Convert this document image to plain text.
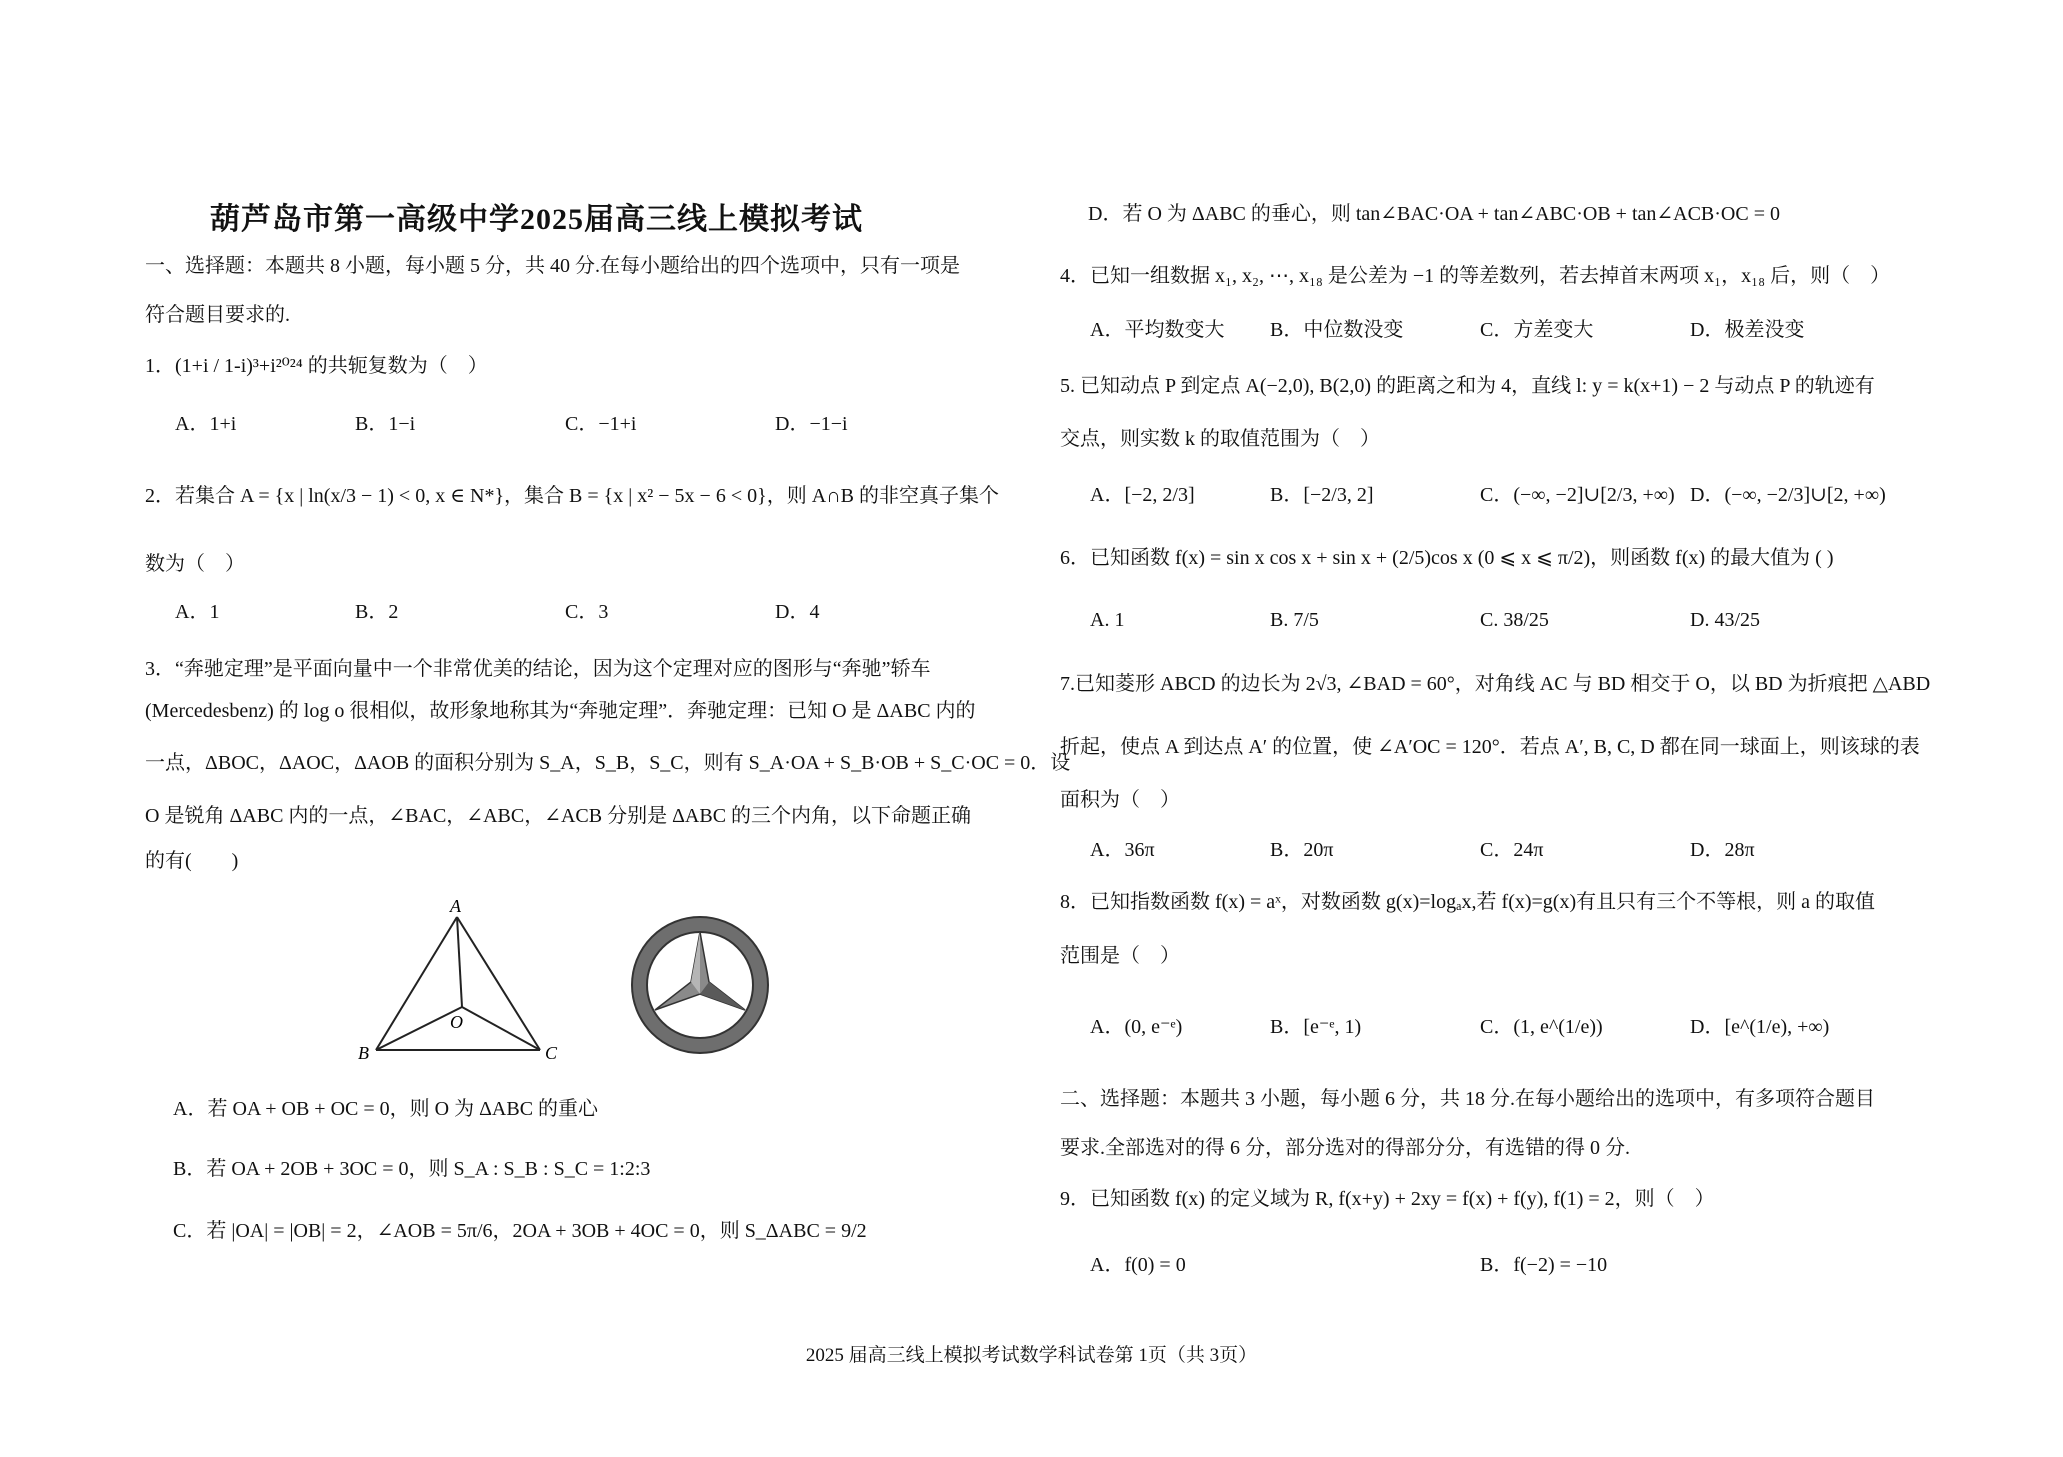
葫芦岛市第一高级中学2025届高三线上模拟考试
一、选择题：本题共 8 小题，每小题 5 分，共 40 分.在每小题给出的四个选项中，只有一项是
符合题目要求的.
1．(1+i / 1-i)³+i²⁰²⁴ 的共轭复数为（　）
2．若集合 A = {x | ln(x/3 − 1) < 0, x ∈ N*}，集合 B = {x | x² − 5x − 6 < 0}，则 A∩B 的非空真子集个
数为（　）
3．“奔驰定理”是平面向量中一个非常优美的结论，因为这个定理对应的图形与“奔驰”轿车
(Mercedesbenz) 的 log o 很相似，故形象地称其为“奔驰定理”．奔驰定理：已知 O 是 ΔABC 内的
一点，ΔBOC，ΔAOC，ΔAOB 的面积分别为 S_A，S_B，S_C，则有 S_A·OA + S_B·OB + S_C·OC = 0．设
O 是锐角 ΔABC 内的一点，∠BAC，∠ABC，∠ACB 分别是 ΔABC 的三个内角，以下命题正确
的有(　　)
A．若 OA + OB + OC = 0，则 O 为 ΔABC 的重心
B．若 OA + 2OB + 3OC = 0，则 S_A : S_B : S_C = 1:2:3
C．若 |OA| = |OB| = 2，∠AOB = 5π/6，2OA + 3OB + 4OC = 0，则 S_ΔABC = 9/2
A．1+i	B．1−i	C．−1+i	D．−1−i
A．1	B．2	C．3	D．4
D．若 O 为 ΔABC 的垂心，则 tan∠BAC·OA + tan∠ABC·OB + tan∠ACB·OC = 0
4．已知一组数据 x₁, x₂, ⋯, x₁₈ 是公差为 −1 的等差数列，若去掉首末两项 x₁，x₁₈ 后，则（　）
5. 已知动点 P 到定点 A(−2,0), B(2,0) 的距离之和为 4，直线 l: y = k(x+1) − 2 与动点 P 的轨迹有
交点，则实数 k 的取值范围为（　）
6．已知函数 f(x) = sin x cos x + sin x + (2/5)cos x (0 ⩽ x ⩽ π/2)，则函数 f(x) 的最大值为 ( )
7.已知菱形 ABCD 的边长为 2√3, ∠BAD = 60°，对角线 AC 与 BD 相交于 O，以 BD 为折痕把 △ABD
折起，使点 A 到达点 A′ 的位置，使 ∠A′OC = 120°．若点 A′, B, C, D 都在同一球面上，则该球的表
面积为（　）
8．已知指数函数 f(x) = aˣ，对数函数 g(x)=logₐx,若 f(x)=g(x)有且只有三个不等根，则 a 的取值
范围是（　）
二、选择题：本题共 3 小题，每小题 6 分，共 18 分.在每小题给出的选项中，有多项符合题目
要求.全部选对的得 6 分，部分选对的得部分分，有选错的得 0 分.
9．已知函数 f(x) 的定义域为 R, f(x+y) + 2xy = f(x) + f(y), f(1) = 2，则（　）
A．平均数变大 B．中位数没变	C．方差变大	D．极差没变
A．[−2, 2/3]	B．[−2/3, 2]	C．(−∞, −2]∪[2/3, +∞) D．(−∞, −2/3]∪[2, +∞)
A. 1	B. 7/5	C. 38/25	D. 43/25
A．36π	B．20π	C．24π	D．28π
A．(0, e⁻ᵉ)	B．[e⁻ᵉ, 1)	C．(1, e^(1/e))	D．[e^(1/e), +∞)
A．f(0) = 0	B．f(−2) = −10
A
B	C
O
2025 届高三线上模拟考试数学科试卷第 1页（共 3页）
